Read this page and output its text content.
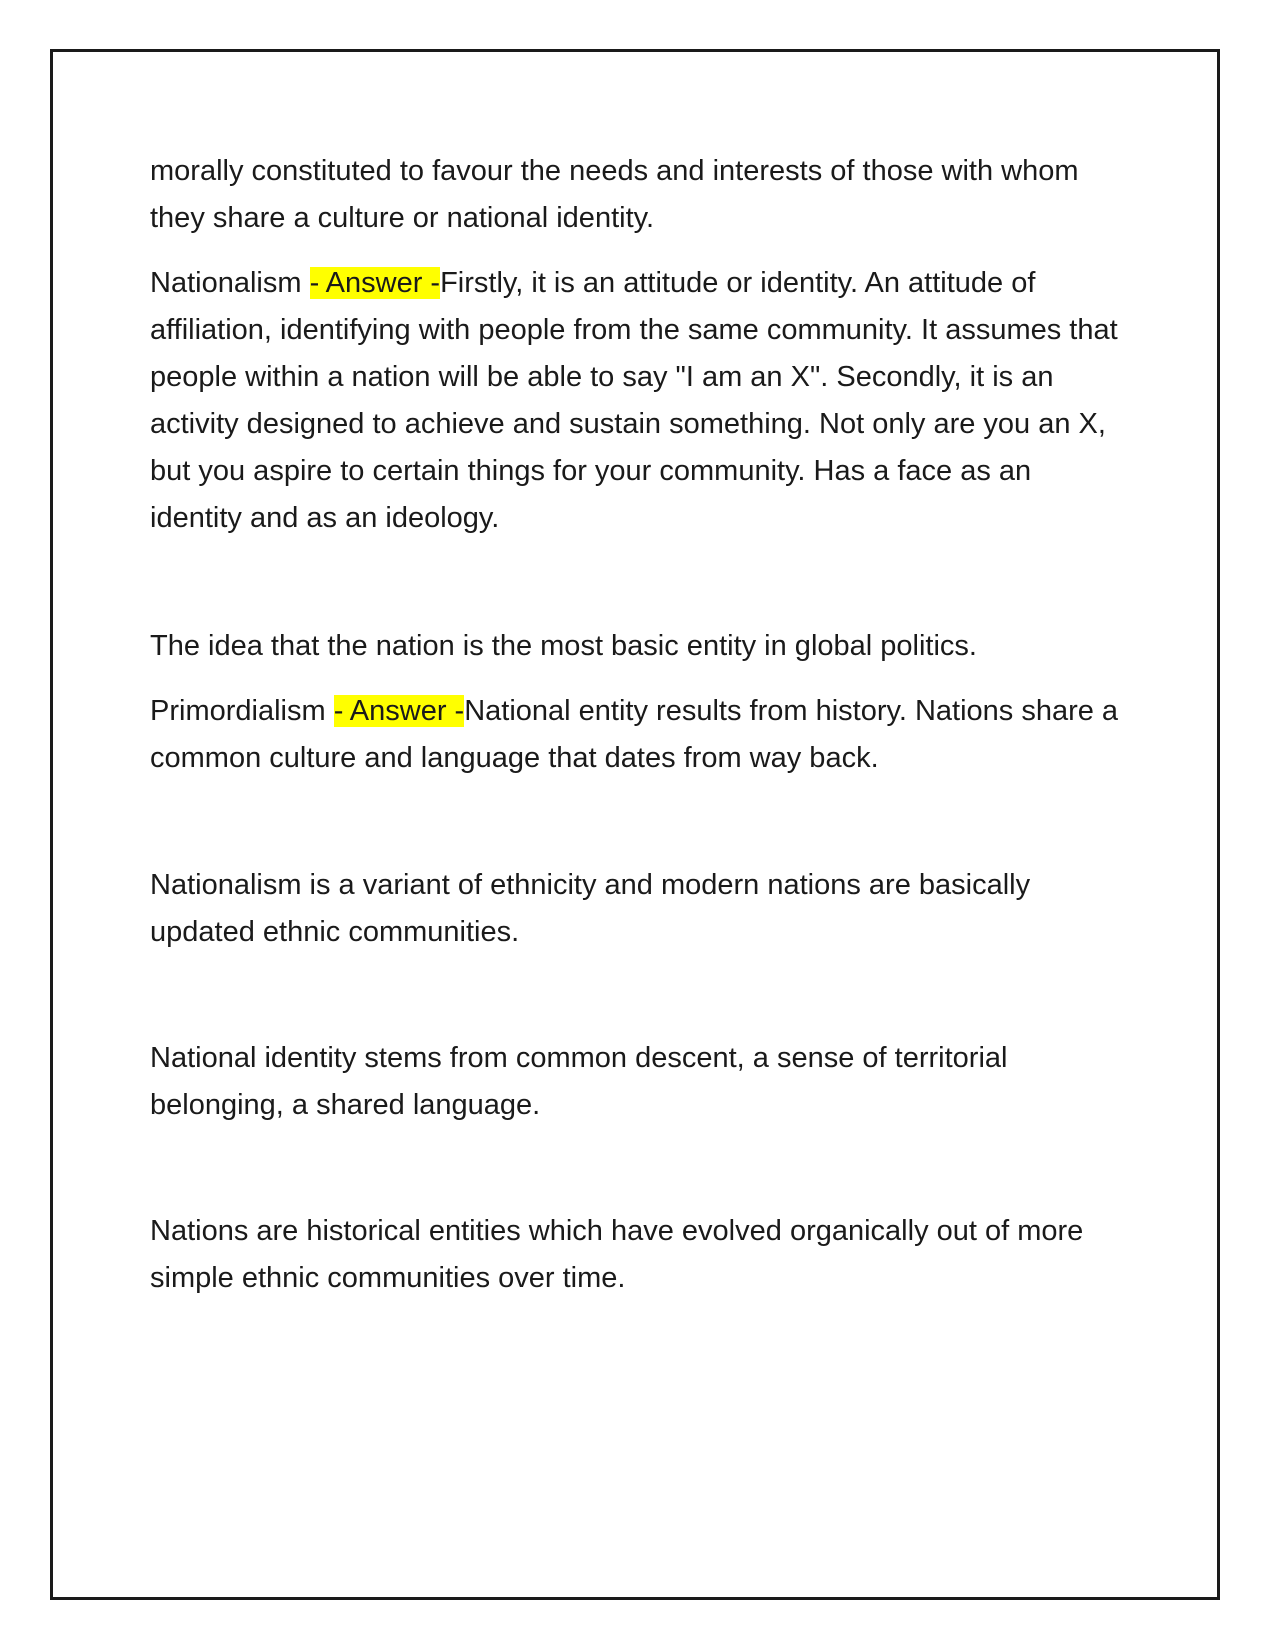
morally constituted to favour the needs and interests of those with whom they share a culture or national identity.

Nationalism - Answer -Firstly, it is an attitude or identity. An attitude of affiliation, identifying with people from the same community. It assumes that people within a nation will be able to say "I am an X". Secondly, it is an activity designed to achieve and sustain something. Not only are you an X, but you aspire to certain things for your community. Has a face as an identity and as an ideology.

The idea that the nation is the most basic entity in global politics.

Primordialism - Answer -National entity results from history. Nations share a common culture and language that dates from way back.

Nationalism is a variant of ethnicity and modern nations are basically updated ethnic communities.

National identity stems from common descent, a sense of territorial belonging, a shared language.

Nations are historical entities which have evolved organically out of more simple ethnic communities over time.
